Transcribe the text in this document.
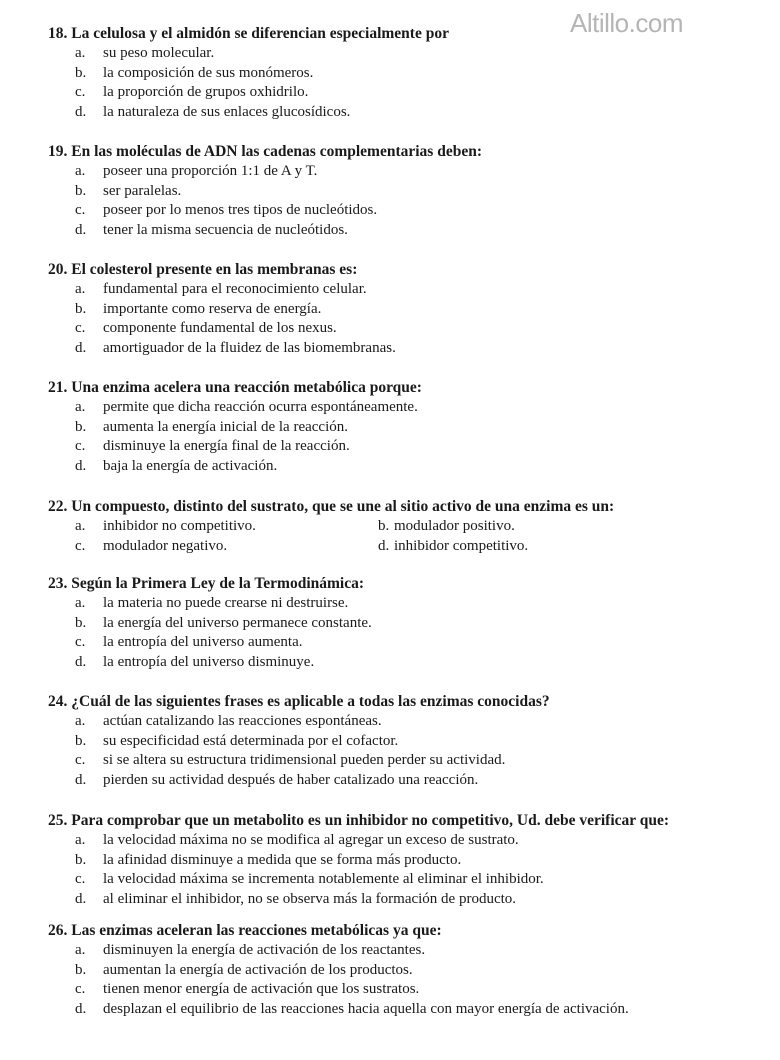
Altillo.com
18. La celulosa y el almidón se diferencian especialmente por
a. su peso molecular.
b. la composición de sus monómeros.
c. la proporción de grupos oxhidrilo.
d. la naturaleza de sus enlaces glucosídicos.
19. En las moléculas de ADN las cadenas complementarias deben:
a. poseer una proporción 1:1 de A y T.
b. ser paralelas.
c. poseer por lo menos tres tipos de nucleótidos.
d. tener la misma secuencia de nucleótidos.
20. El colesterol presente en las membranas es:
a. fundamental para el reconocimiento celular.
b. importante como reserva de energía.
c. componente fundamental de los nexus.
d. amortiguador de la fluidez de las biomembranas.
21. Una enzima acelera una reacción metabólica porque:
a. permite que dicha reacción ocurra espontáneamente.
b. aumenta la energía inicial de la reacción.
c. disminuye la energía final de la reacción.
d. baja la energía de activación.
22. Un compuesto, distinto del sustrato, que se une al sitio activo de una enzima es un:
a. inhibidor no competitivo.	b. modulador positivo.
c. modulador negativo.	d. inhibidor competitivo.
23. Según la Primera Ley de la Termodinámica:
a. la materia no puede crearse ni destruirse.
b. la energía del universo permanece constante.
c. la entropía del universo aumenta.
d. la entropía del universo disminuye.
24. ¿Cuál de las siguientes frases es aplicable a todas las enzimas conocidas?
a. actúan catalizando las reacciones espontáneas.
b. su especificidad está determinada por el cofactor.
c. si se altera su estructura tridimensional pueden perder su actividad.
d. pierden su actividad después de haber catalizado una reacción.
25. Para comprobar que un metabolito es un inhibidor no competitivo, Ud. debe verificar que:
a. la velocidad máxima no se modifica al agregar un exceso de sustrato.
b. la afinidad disminuye a medida que se forma más producto.
c. la velocidad máxima se incrementa notablemente al eliminar el inhibidor.
d. al eliminar el inhibidor, no se observa más la formación de producto.
26. Las enzimas aceleran las reacciones metabólicas ya que:
a. disminuyen la energía de activación de los reactantes.
b. aumentan la energía de activación de los productos.
c. tienen menor energía de activación que los sustratos.
d. desplazan el equilibrio de las reacciones hacia aquella con mayor energía de activación.
